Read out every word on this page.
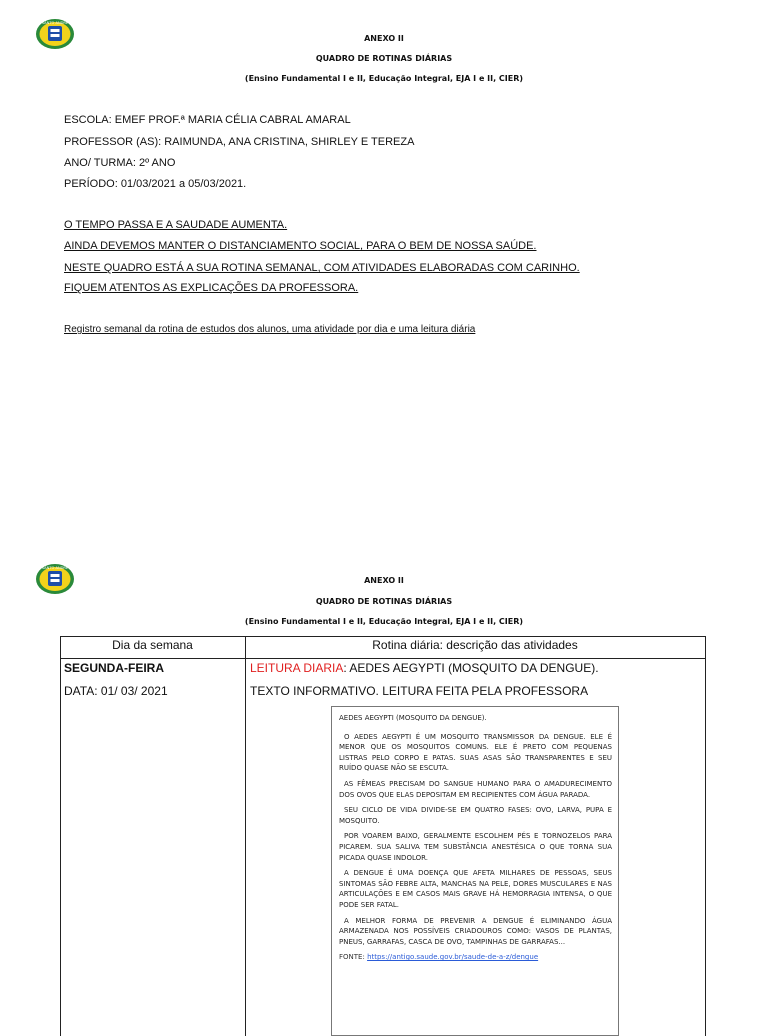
SANTO ANDRÉ
ANEXO II
QUADRO DE ROTINAS DIÁRIAS
(Ensino Fundamental I e II, Educação Integral, EJA I e II, CIER)
ESCOLA: EMEF PROF.ª MARIA CÉLIA CABRAL AMARAL
PROFESSOR (AS): RAIMUNDA, ANA CRISTINA, SHIRLEY E TEREZA
ANO/ TURMA: 2º ANO
PERÍODO: 01/03/2021 a 05/03/2021.
O TEMPO PASSA E A SAUDADE AUMENTA.
AINDA DEVEMOS MANTER O DISTANCIAMENTO SOCIAL, PARA O BEM DE NOSSA SAÚDE.
NESTE QUADRO ESTÁ A SUA ROTINA SEMANAL, COM ATIVIDADES ELABORADAS COM CARINHO.
FIQUEM ATENTOS AS EXPLICAÇÕES DA PROFESSORA.
Registro semanal da rotina de estudos dos alunos, uma atividade por dia e uma leitura diária
SANTO ANDRÉ
ANEXO II
QUADRO DE ROTINAS DIÁRIAS
(Ensino Fundamental I e II, Educação Integral, EJA I e II, CIER)
Dia da semana	Rotina diária: descrição das atividades
SEGUNDA-FEIRA
DATA: 01/ 03/ 2021
LEITURA DIARIA: AEDES AEGYPTI (MOSQUITO DA DENGUE).
TEXTO INFORMATIVO. LEITURA FEITA PELA PROFESSORA

AEDES AEGYPTI (MOSQUITO DA DENGUE).

O AEDES AEGYPTI É UM MOSQUITO TRANSMISSOR DA DENGUE. ELE É MENOR QUE OS MOSQUITOS COMUNS. ELE É PRETO COM PEQUENAS LISTRAS PELO CORPO E PATAS. SUAS ASAS SÃO TRANSPARENTES E SEU RUÍDO QUASE NÃO SE ESCUTA.

AS FÊMEAS PRECISAM DO SANGUE HUMANO PARA O AMADURECIMENTO DOS OVOS QUE ELAS DEPOSITAM EM RECIPIENTES COM ÁGUA PARADA.

SEU CICLO DE VIDA DIVIDE-SE EM QUATRO FASES: OVO, LARVA, PUPA E MOSQUITO.

POR VOAREM BAIXO, GERALMENTE ESCOLHEM PÉS E TORNOZELOS PARA PICAREM. SUA SALIVA TEM SUBSTÂNCIA ANESTÉSICA O QUE TORNA SUA PICADA QUASE INDOLOR.

A DENGUE É UMA DOENÇA QUE AFETA MILHARES DE PESSOAS, SEUS SINTOMAS SÃO FEBRE ALTA, MANCHAS NA PELE, DORES MUSCULARES E NAS ARTICULAÇÕES E EM CASOS MAIS GRAVE HÁ HEMORRAGIA INTENSA, O QUE PODE SER FATAL.

A MELHOR FORMA DE PREVENIR A DENGUE É ELIMINANDO ÁGUA ARMAZENADA NOS POSSÍVEIS CRIADOUROS COMO: VASOS DE PLANTAS, PNEUS, GARRAFAS, CASCA DE OVO, TAMPINHAS DE GARRAFAS...

FONTE: https://antigo.saude.gov.br/saude-de-a-z/dengue
